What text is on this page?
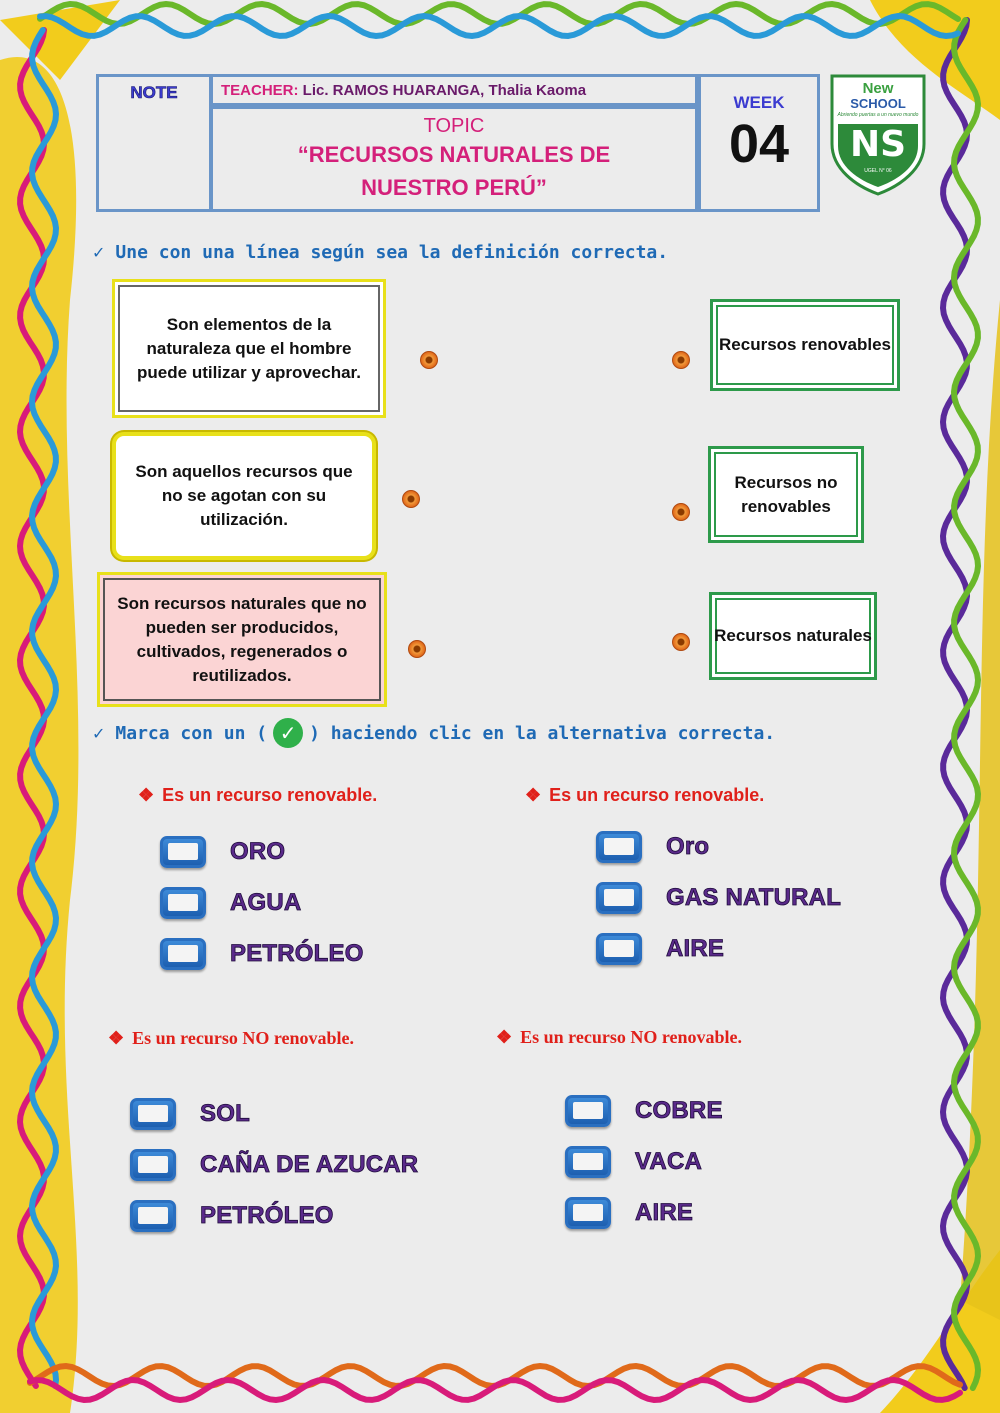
NOTE	TEACHER: Lic. RAMOS HUARANGA, Thalia Kaoma
TOPIC
“RECURSOS NATURALES DE
NUESTRO PERÚ”
WEEK
04
New
SCHOOL
Abriendo puertas a un nuevo mundo
NS
UGEL N° 06
✓ Une con una línea según sea la definición correcta.
Son elementos de la naturaleza que el hombre puede utilizar y aprovechar.
Son aquellos recursos que no se agotan con su utilización.
Son recursos naturales que no pueden ser producidos, cultivados, regenerados o reutilizados.
Recursos renovables
Recursos no renovables
Recursos naturales
✓ Marca con un ( ✓ ) haciendo clic en la alternativa correcta.
❖ Es un recurso renovable.
ORO
AGUA
PETRÓLEO
❖ Es un recurso renovable.
Oro
GAS NATURAL
AIRE
❖ Es un recurso NO renovable.
SOL
CAÑA DE AZUCAR
PETRÓLEO
❖ Es un recurso NO renovable.
COBRE
VACA
AIRE
